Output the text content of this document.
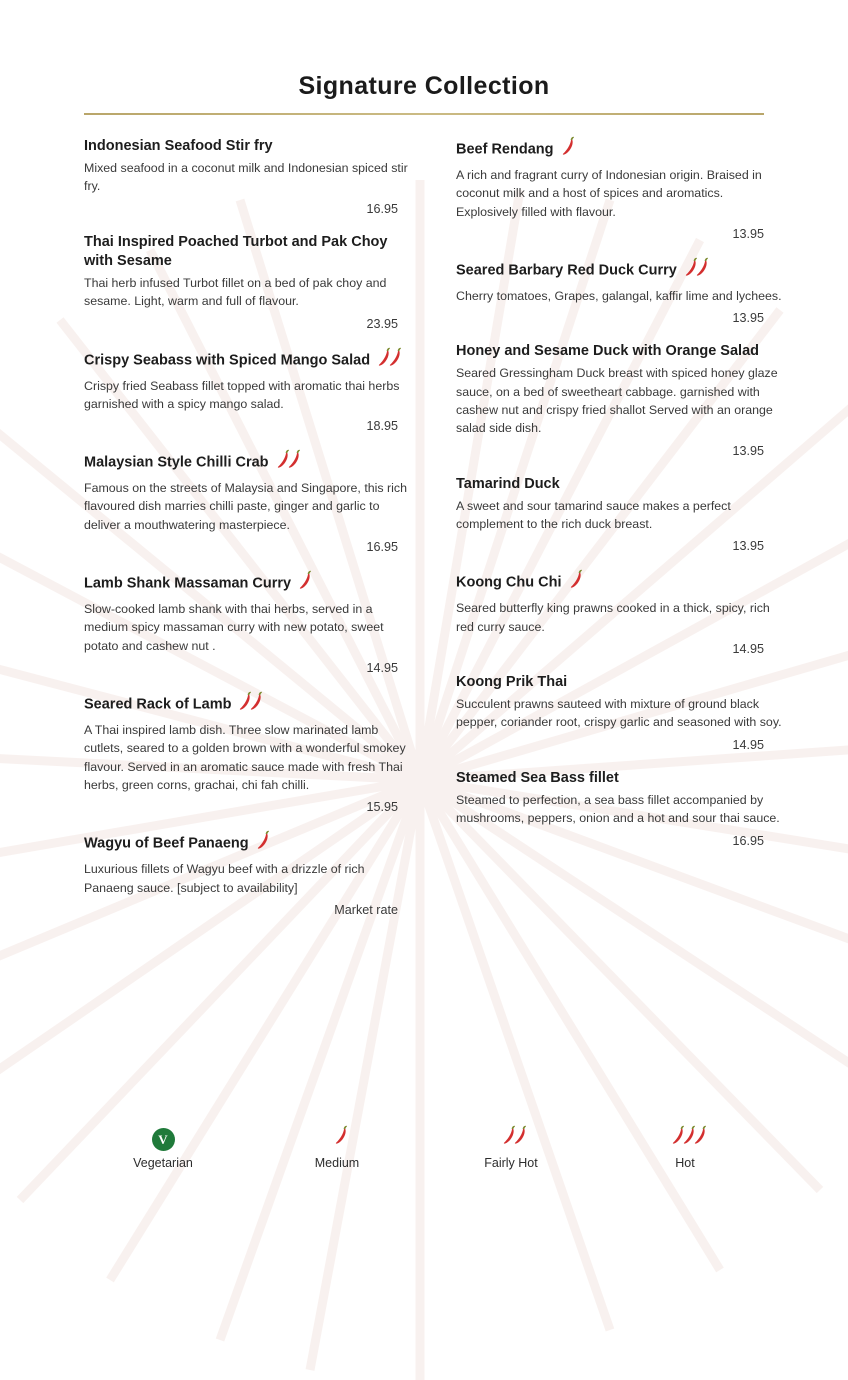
Signature Collection
Indonesian Seafood Stir fry
Mixed seafood in a coconut milk and Indonesian spiced stir fry.
16.95
Thai Inspired Poached Turbot and Pak Choy with Sesame
Thai herb infused Turbot fillet on a bed of pak choy and sesame. Light, warm and full of flavour.
23.95
Crispy Seabass with Spiced Mango Salad
Crispy fried Seabass fillet topped with aromatic thai herbs garnished with a spicy mango salad.
18.95
Malaysian Style Chilli Crab
Famous on the streets of Malaysia and Singapore, this rich flavoured dish marries chilli paste, ginger and garlic to deliver a mouthwatering masterpiece.
16.95
Lamb Shank Massaman Curry
Slow-cooked lamb shank with thai herbs, served in a medium spicy massaman curry with new potato, sweet potato and cashew nut .
14.95
Seared Rack of Lamb
A Thai inspired lamb dish. Three slow marinated lamb cutlets, seared to a golden brown with a wonderful smokey flavour. Served in an aromatic sauce made with fresh Thai herbs, green corns, grachai, chi fah chilli.
15.95
Wagyu of Beef Panaeng
Luxurious fillets of Wagyu beef with a drizzle of rich Panaeng sauce. [subject to availability]
Market rate
Beef Rendang
A rich and fragrant curry of Indonesian origin. Braised in coconut milk and a host of spices and aromatics. Explosively filled with flavour.
13.95
Seared Barbary Red Duck Curry
Cherry tomatoes, Grapes, galangal, kaffir lime and lychees.
13.95
Honey and Sesame Duck with Orange Salad
Seared Gressingham Duck breast with spiced honey glaze sauce, on a bed of sweetheart cabbage. garnished with cashew nut and crispy fried shallot Served with an orange salad side dish.
13.95
Tamarind Duck
A sweet and sour tamarind sauce makes a perfect complement to the rich duck breast.
13.95
Koong Chu Chi
Seared butterfly king prawns cooked in a thick, spicy, rich red curry sauce.
14.95
Koong Prik Thai
Succulent prawns sauteed with mixture of ground black pepper, coriander root, crispy garlic and seasoned with soy.
14.95
Steamed Sea Bass fillet
Steamed to perfection, a sea bass fillet accompanied by mushrooms, peppers, onion and a hot and sour thai sauce.
16.95
V
Vegetarian	Medium	Fairly Hot	Hot
